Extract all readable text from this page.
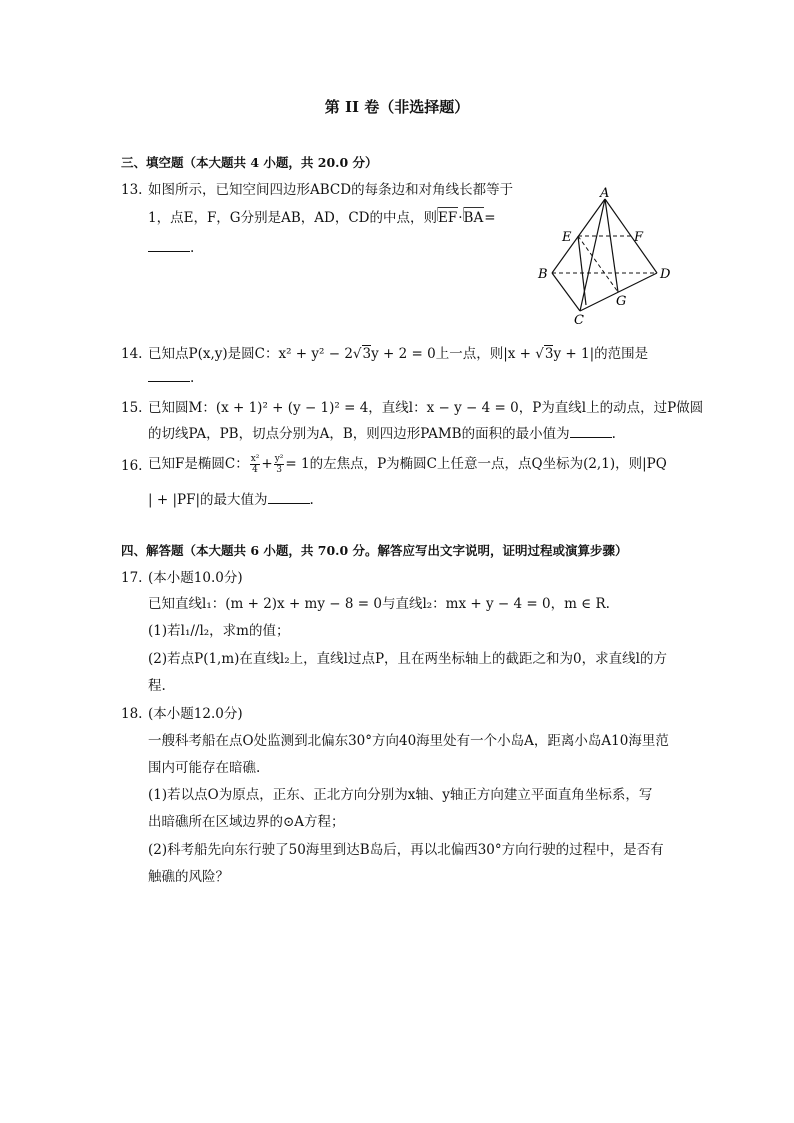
第 II 卷（非选择题）
三、填空题（本大题共 4 小题，共 20.0 分）
13. 如图所示，已知空间四边形ABCD的每条边和对角线长都等于
1，点E，F，G分别是AB，AD，CD的中点，则EF·BA=
.
A
B
C
D
E	F
G
14. 已知点P(x,y)是圆C：x² + y² − 2√3y + 2 = 0上一点，则|x + √3y + 1|的范围是
.
15. 已知圆M：(x + 1)² + (y − 1)² = 4，直线l：x − y − 4 = 0，P为直线l上的动点，过P做圆
的切线PA，PB，切点分别为A，B，则四边形PAMB的面积的最小值为	.
16. 已知F是椭圆C： $\frac{\text{x²}}{4} + \frac{\text{y²}}{3} = 1$的左焦点，P为椭圆C上任意一点，点Q坐标为(2,1)，则|PQ
| + |PF|的最大值为	.
四、解答题（本大题共 6 小题，共 70.0 分。解答应写出文字说明，证明过程或演算步骤）
17. (本小题10.0分)
已知直线l₁：(m + 2)x + my − 8 = 0与直线l₂：mx + y − 4 = 0，m ∈ R.
(1)若l₁//l₂，求m的值；
(2)若点P(1,m)在直线l₂上，直线l过点P，且在两坐标轴上的截距之和为0，求直线l的方
程.
18. (本小题12.0分)
一艘科考船在点O处监测到北偏东30°方向40海里处有一个小岛A，距离小岛A10海里范
围内可能存在暗礁.
(1)若以点O为原点，正东、正北方向分别为x轴、y轴正方向建立平面直角坐标系，写
出暗礁所在区域边界的⊙A方程；
(2)科考船先向东行驶了50海里到达B岛后，再以北偏西30°方向行驶的过程中，是否有
触礁的风险？
